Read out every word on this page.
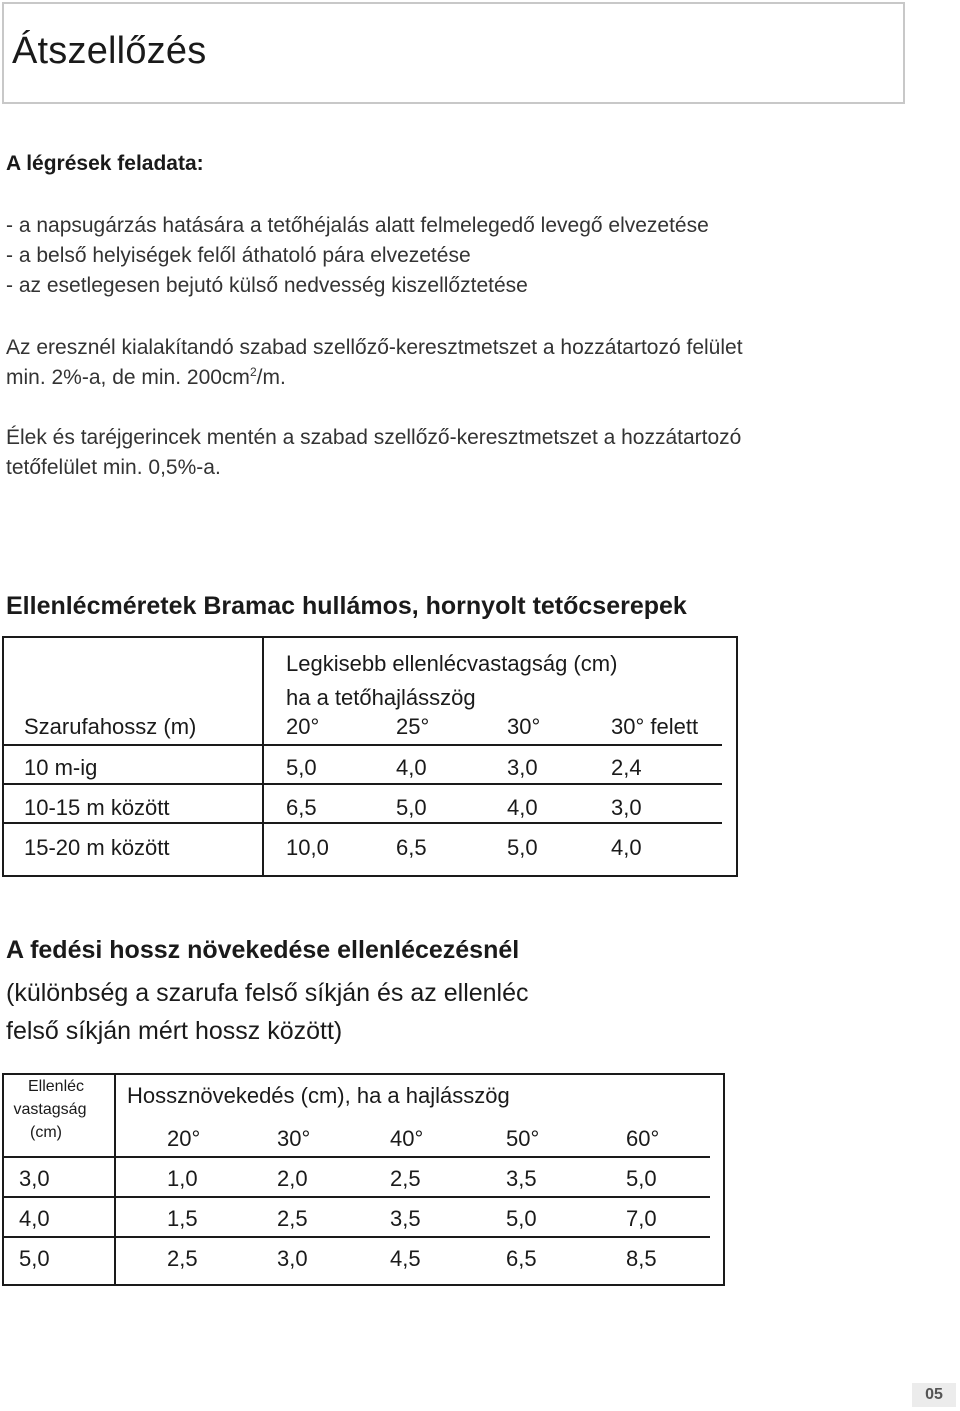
Átszellőzés
A légrések feladata:
- a napsugárzás hatására a tetőhéjalás alatt felmelegedő levegő elvezetése
- a belső helyiségek felől áthatoló pára elvezetése
- az esetlegesen bejutó külső nedvesség kiszellőztetése
Az eresznél kialakítandó szabad szellőző-keresztmetszet a hozzátartozó felület
min. 2%-a, de min. $200cm^2/m$.
Élek és taréjgerincek mentén a szabad szellőző-keresztmetszet a hozzátartozó
tetőfelület min. 0,5%-a.
Ellenlécméretek Bramac hullámos, hornyolt tetőcserepek
Legkisebb ellenlécvastagság (cm)
ha a tetőhajlásszög
Szarufahossz (m)	20°	25°	30°	30° felett
10 m-ig	5,0	4,0	3,0	2,4
10-15 m között	6,5	5,0	4,0	3,0
15-20 m között	10,0	6,5	5,0	4,0
A fedési hossz növekedése ellenlécezésnél
(különbség a szarufa felső síkján és az ellenléc
felső síkján mért hossz között)
Ellenléc
vastagság
(cm)
Hossznövekedés (cm), ha a hajlásszög
20°	30°	40°	50°	60°
3,0	1,0	2,0	2,5	3,5	5,0
4,0	1,5	2,5	3,5	5,0	7,0
5,0	2,5	3,0	4,5	6,5	8,5
05
